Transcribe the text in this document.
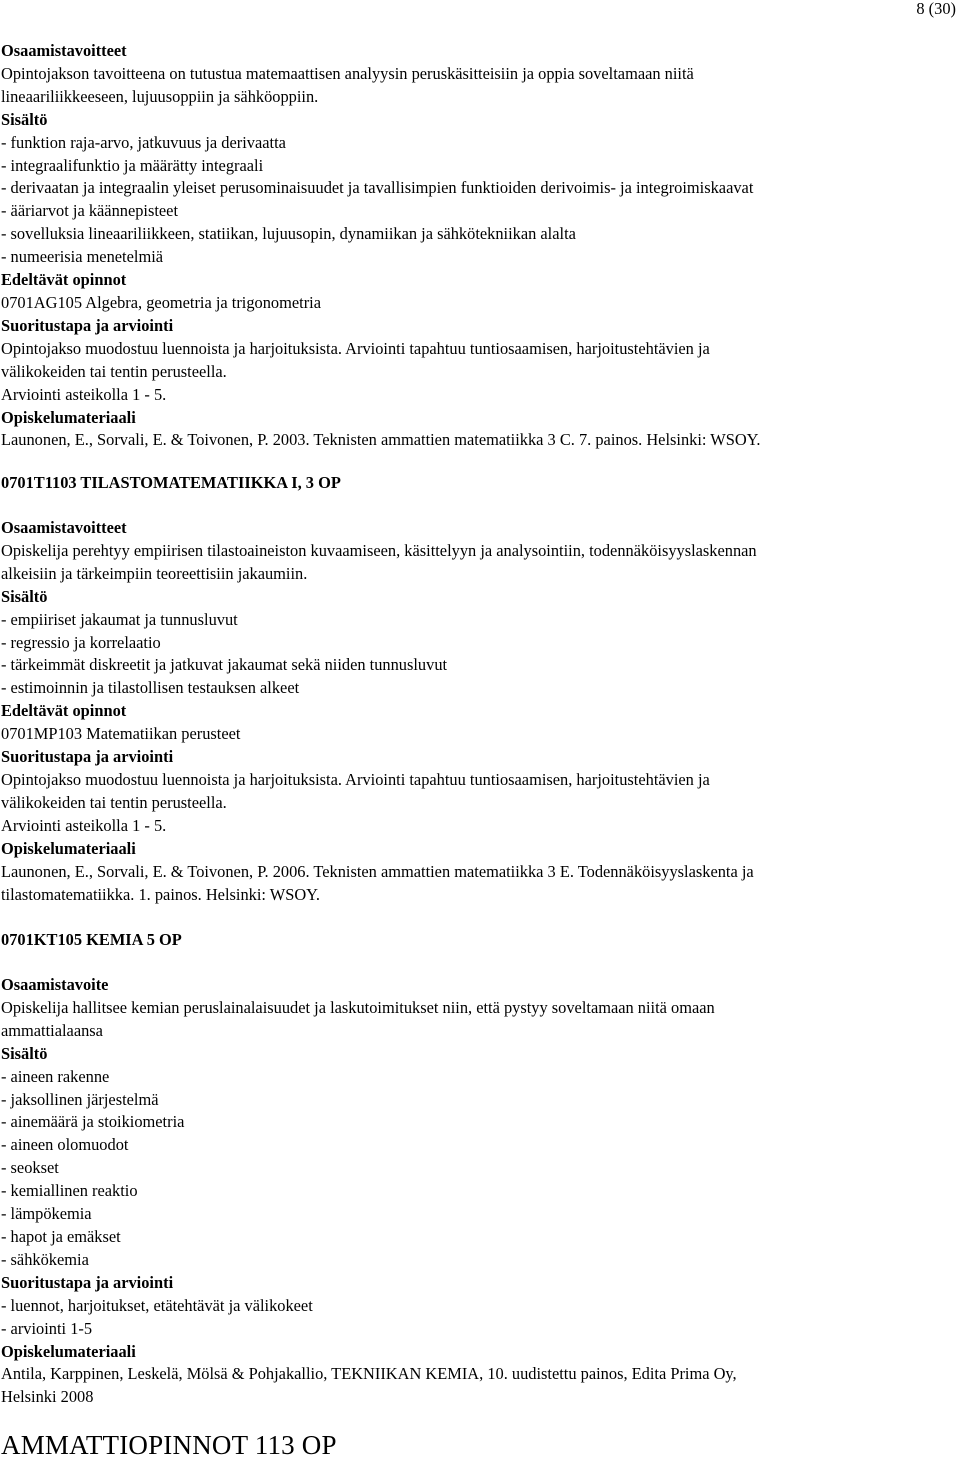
8 (30)
Osaamistavoitteet
Opintojakson tavoitteena on tutustua matemaattisen analyysin peruskäsitteisiin ja oppia soveltamaan niitä
lineaariliikkeeseen, lujuusoppiin ja sähköoppiin.
Sisältö
- funktion raja-arvo, jatkuvuus ja derivaatta
- integraalifunktio ja määrätty integraali
- derivaatan ja integraalin yleiset perusominaisuudet ja tavallisimpien funktioiden derivoimis- ja integroimiskaavat
- ääriarvot ja käännepisteet
- sovelluksia lineaariliikkeen, statiikan, lujuusopin, dynamiikan ja sähkötekniikan alalta
- numeerisia menetelmiä
Edeltävät opinnot
0701AG105 Algebra, geometria ja trigonometria
Suoritustapa ja arviointi
Opintojakso muodostuu luennoista ja harjoituksista. Arviointi tapahtuu tuntiosaamisen, harjoitustehtävien ja
välikokeiden tai tentin perusteella.
Arviointi asteikolla 1 - 5.
Opiskelumateriaali
Launonen, E., Sorvali, E. & Toivonen, P. 2003. Teknisten ammattien matematiikka 3 C. 7. painos. Helsinki: WSOY.
0701T1103 TILASTOMATEMATIIKKA I, 3 OP
Osaamistavoitteet
Opiskelija perehtyy empiirisen tilastoaineiston kuvaamiseen, käsittelyyn ja analysointiin, todennäköisyyslaskennan
alkeisiin ja tärkeimpiin teoreettisiin jakaumiin.
Sisältö
- empiiriset jakaumat ja tunnusluvut
- regressio ja korrelaatio
- tärkeimmät diskreetit ja jatkuvat jakaumat sekä niiden tunnusluvut
- estimoinnin ja tilastollisen testauksen alkeet
Edeltävät opinnot
0701MP103 Matematiikan perusteet
Suoritustapa ja arviointi
Opintojakso muodostuu luennoista ja harjoituksista. Arviointi tapahtuu tuntiosaamisen, harjoitustehtävien ja
välikokeiden tai tentin perusteella.
Arviointi asteikolla 1 - 5.
Opiskelumateriaali
Launonen, E., Sorvali, E. & Toivonen, P. 2006. Teknisten ammattien matematiikka 3 E. Todennäköisyyslaskenta ja
tilastomatematiikka. 1. painos. Helsinki: WSOY.
0701KT105 KEMIA 5 OP
Osaamistavoite
Opiskelija hallitsee kemian peruslainalaisuudet ja laskutoimitukset niin, että pystyy soveltamaan niitä omaan
ammattialaansa
Sisältö
- aineen rakenne
- jaksollinen järjestelmä
- ainemäärä ja stoikiometria
- aineen olomuodot
- seokset
- kemiallinen reaktio
- lämpökemia
- hapot ja emäkset
- sähkökemia
Suoritustapa ja arviointi
- luennot, harjoitukset, etätehtävät ja välikokeet
- arviointi 1-5
Opiskelumateriaali
Antila, Karppinen, Leskelä, Mölsä & Pohjakallio, TEKNIIKAN KEMIA, 10. uudistettu painos, Edita Prima Oy,
Helsinki 2008
AMMATTIOPINNOT 113 OP
